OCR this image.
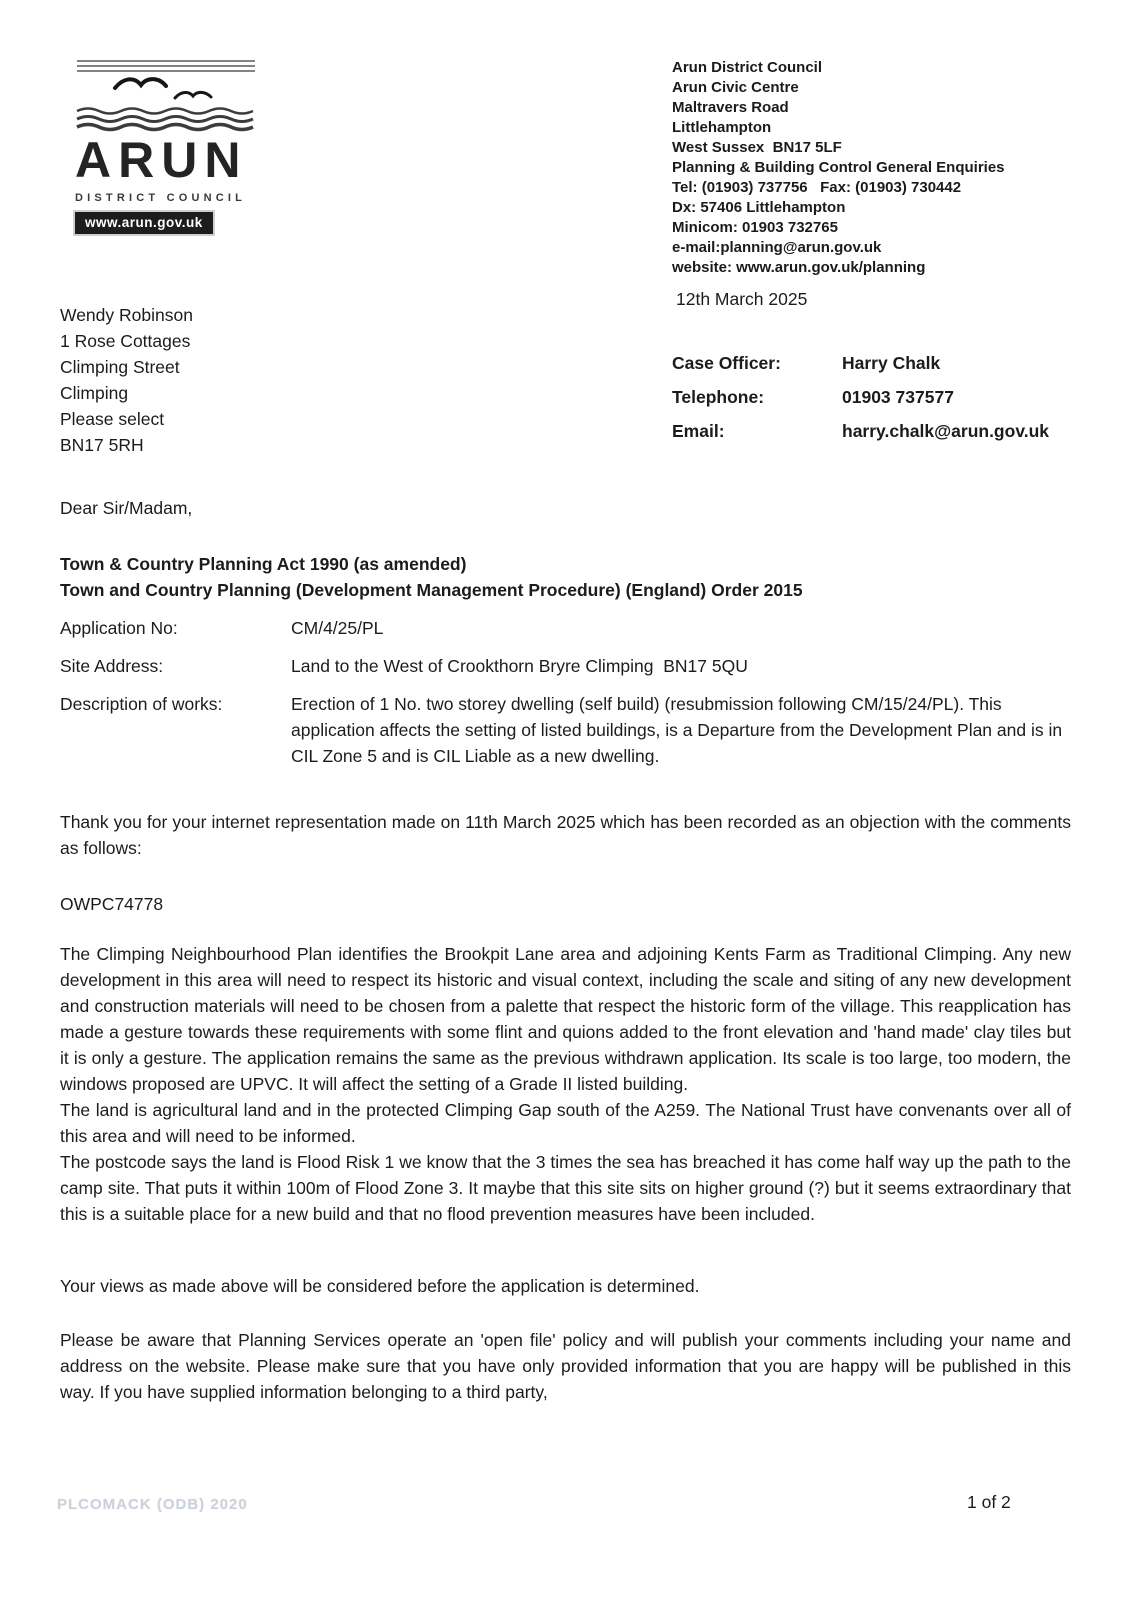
ARUN
DISTRICT COUNCIL
www.arun.gov.uk
Arun District Council
Arun Civic Centre
Maltravers Road
Littlehampton
West Sussex  BN17 5LF
Planning & Building Control General Enquiries
Tel: (01903) 737756   Fax: (01903) 730442
Dx: 57406 Littlehampton
Minicom: 01903 732765
e-mail:planning@arun.gov.uk
website: www.arun.gov.uk/planning
12th March 2025
Wendy Robinson
1 Rose Cottages
Climping Street
Climping
Please select
BN17 5RH
Case Officer:	Harry Chalk
Telephone:	01903 737577
Email:	harry.chalk@arun.gov.uk
Dear Sir/Madam,
Town & Country Planning Act 1990 (as amended)
Town and Country Planning (Development Management Procedure) (England) Order 2015
Application No:	CM/4/25/PL
Site Address:	Land to the West of Crookthorn Bryre Climping  BN17 5QU
Description of works:	Erection of 1 No. two storey dwelling (self build) (resubmission following CM/15/24/PL). This application affects the setting of listed buildings, is a Departure from the Development Plan and is in CIL Zone 5 and is CIL Liable as a new dwelling.
Thank you for your internet representation made on 11th March 2025 which has been recorded as an objection with the comments as follows:
OWPC74778
The Climping Neighbourhood Plan identifies the Brookpit Lane area and adjoining Kents Farm as Traditional Climping. Any new development in this area will need to respect its historic and visual context, including the scale and siting of any new development and construction materials will need to be chosen from a palette that respect the historic form of the village. This reapplication has made a gesture towards these requirements with some flint and quions added to the front elevation and 'hand made' clay tiles but it is only a gesture. The application remains the same as the previous withdrawn application. Its scale is too large, too modern, the windows proposed are UPVC. It will affect the setting of a Grade II listed building.
The land is agricultural land and in the protected Climping Gap south of the A259. The National Trust have convenants over all of this area and will need to be informed.
The postcode says the land is Flood Risk 1 we know that the 3 times the sea has breached it has come half way up the path to the camp site. That puts it within 100m of Flood Zone 3. It maybe that this site sits on higher ground (?) but it seems extraordinary that this is a suitable place for a new build and that no flood prevention measures have been included.
Your views as made above will be considered before the application is determined.
Please be aware that Planning Services operate an 'open file' policy and will publish your comments including your name and address on the website. Please make sure that you have only provided information that you are happy will be published in this way. If you have supplied information belonging to a third party,
PLCOMACK (ODB) 2020	1 of 2
